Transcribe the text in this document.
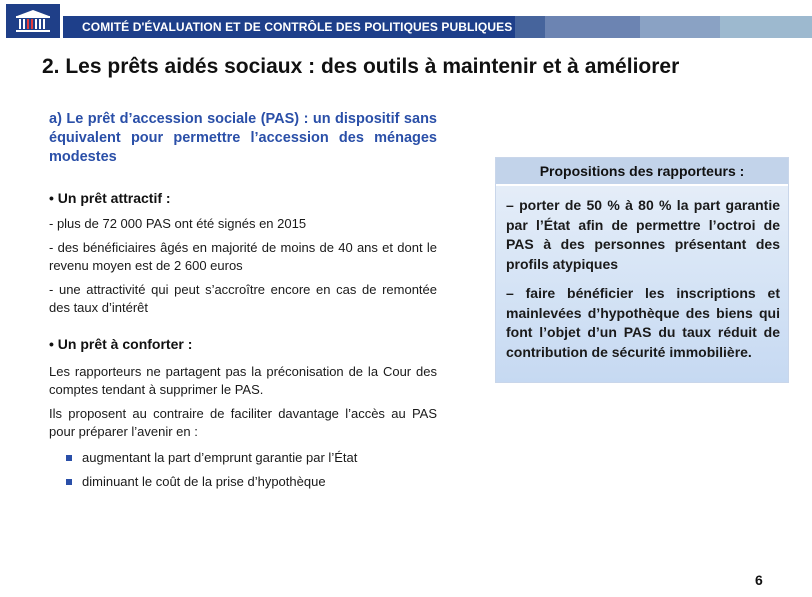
COMITÉ D'ÉVALUATION ET DE CONTRÔLE DES POLITIQUES PUBLIQUES
2. Les prêts aidés sociaux : des outils à maintenir et à améliorer
a) Le prêt d’accession sociale (PAS) : un dispositif sans équivalent pour permettre l’accession des ménages modestes
• Un prêt attractif :
- plus de 72 000 PAS ont été signés en 2015
- des bénéficiaires âgés en majorité de moins de 40 ans et dont le revenu moyen est de 2 600 euros
- une attractivité qui peut s’accroître encore en cas de remontée des taux d’intérêt
• Un prêt à conforter :
Les rapporteurs ne partagent pas la préconisation de la Cour des comptes tendant à supprimer le PAS.
Ils proposent au contraire de faciliter davantage l’accès au PAS pour préparer l’avenir en :
augmentant la part d’emprunt garantie par l’État
diminuant le coût de la prise d’hypothèque
Propositions des rapporteurs :
– porter de 50 % à 80 % la part garantie par l’État afin de permettre l’octroi de PAS à des personnes présentant des profils atypiques
– faire bénéficier les inscriptions et mainlevées d’hypothèque des biens qui font l’objet d’un PAS du taux réduit de contribution de sécurité immobilière.
6
